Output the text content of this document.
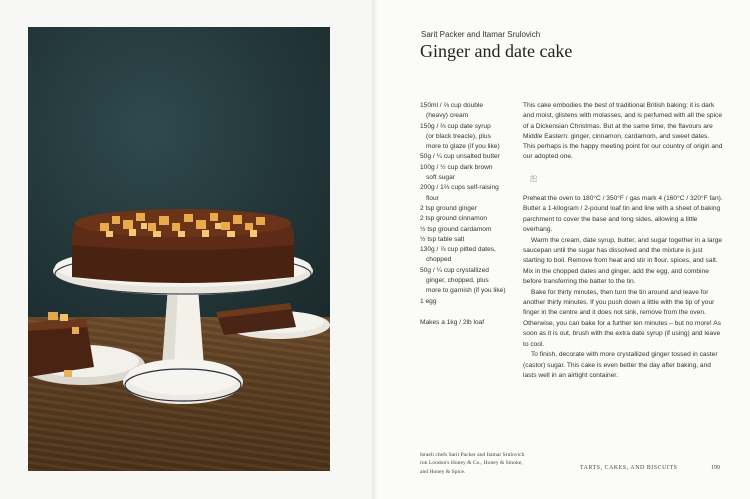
Sarit Packer and Itamar Srulovich
Ginger and date cake
150ml / ⅔ cup double
(heavy) cream
150g / ⅔ cup date syrup
(or black treacle), plus
more to glaze (if you like)
50g / ¼ cup unsalted butter
100g / ½ cup dark brown
soft sugar
200g / 1⅔ cups self-raising
flour
2 tsp ground ginger
2 tsp ground cinnamon
½ tsp ground cardamom
½ tsp table salt
130g / ⅞ cup pitted dates,
chopped
50g / ¼ cup crystallized
ginger, chopped, plus
more to garnish (if you like)
1 egg
Makes a 1kg / 2lb loaf
This cake embodies the best of traditional British baking: it is dark and moist, glistens with molasses, and is perfumed with all the spice of a Dickensian Christmas. But at the same time, the flavours are Middle Eastern: ginger, cinnamon, cardamom, and sweet dates. This perhaps is the happy meeting point for our country of origin and our adopted one.
ஐ

Preheat the oven to 180°C / 350°F / gas mark 4 (160°C / 320°F fan). Butter a 1-kilogram / 2-pound loaf tin and line with a sheet of baking parchment to cover the base and long sides, allowing a little overhang.

Warm the cream, date syrup, butter, and sugar together in a large saucepan until the sugar has dissolved and the mixture is just starting to boil. Remove from heat and stir in flour, spices, and salt. Mix in the chopped dates and ginger, add the egg, and combine before transferring the batter to the tin.

Bake for thirty minutes, then turn the tin around and leave for another thirty minutes. If you push down a little with the tip of your finger in the centre and it does not sink, remove from the oven. Otherwise, you can bake for a further ten minutes – but no more! As soon as it is out, brush with the extra date syrup (if using) and leave to cool.

To finish, decorate with more crystallized ginger tossed in caster (castor) sugar. This cake is even better the day after baking, and lasts well in an airtight container.

Israeli chefs Sarit Packer and Itamar Srulovich run London's Honey & Co., Honey & Smoke, and Honey & Spice.
TARTS, CAKES, AND BISCUITS	199
